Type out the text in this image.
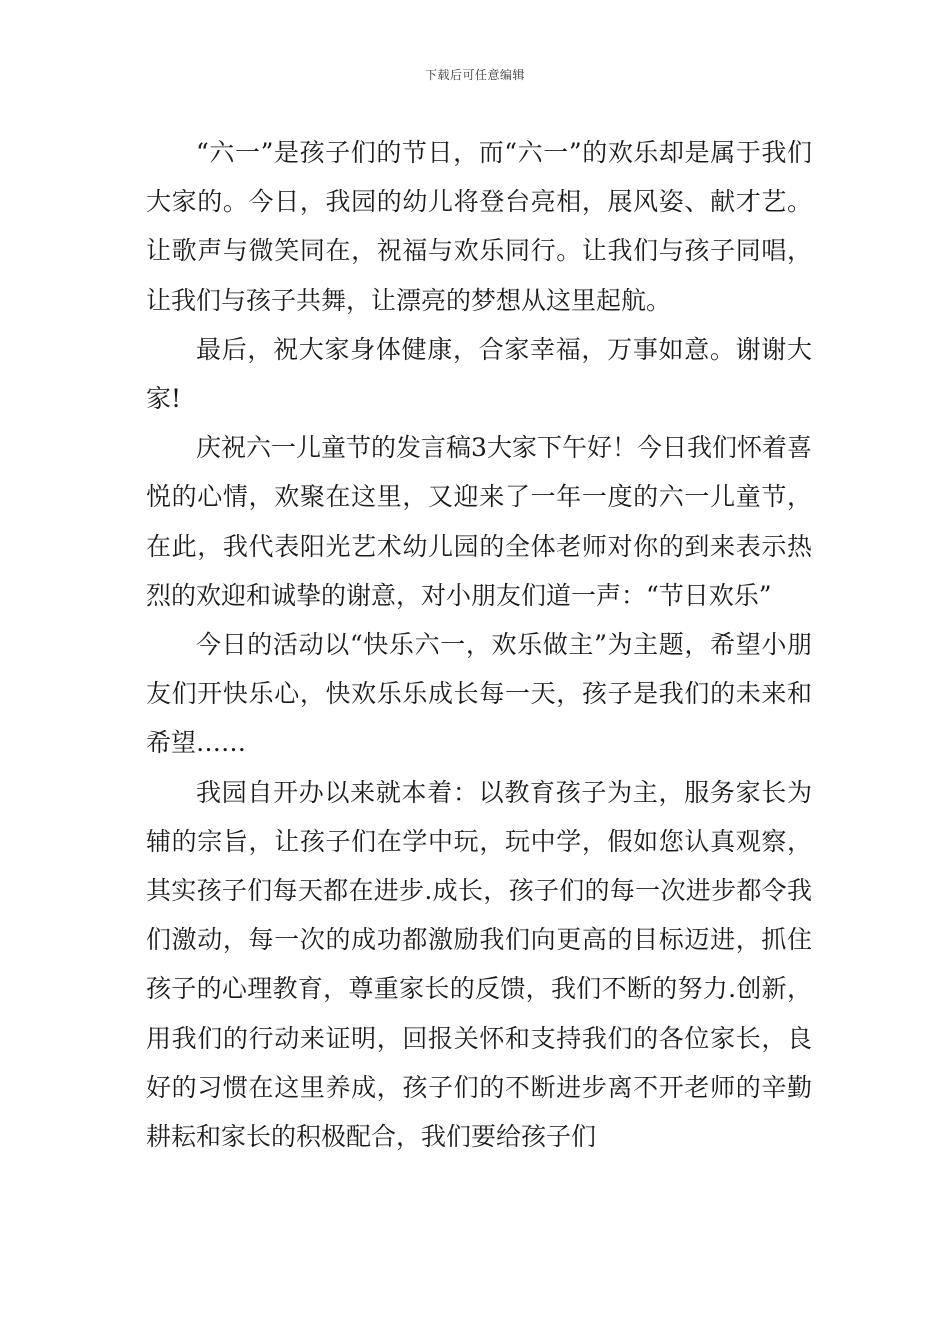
下载后可任意编辑

“六一”是孩子们的节日，而“六一”的欢乐却是属于我们大家的。今日，我园的幼儿将登台亮相，展风姿、献才艺。让歌声与微笑同在，祝福与欢乐同行。让我们与孩子同唱，让我们与孩子共舞，让漂亮的梦想从这里起航。

最后，祝大家身体健康，合家幸福，万事如意。谢谢大家!

庆祝六一儿童节的发言稿3大家下午好！今日我们怀着喜悦的心情，欢聚在这里，又迎来了一年一度的六一儿童节，在此，我代表阳光艺术幼儿园的全体老师对你的到来表示热烈的欢迎和诚挚的谢意，对小朋友们道一声：“节日欢乐”

今日的活动以“快乐六一，欢乐做主”为主题，希望小朋友们开快乐心，快欢乐乐成长每一天，孩子是我们的未来和希望……

我园自开办以来就本着：以教育孩子为主，服务家长为辅的宗旨，让孩子们在学中玩，玩中学，假如您认真观察，其实孩子们每天都在进步.成长，孩子们的每一次进步都令我们激动，每一次的成功都激励我们向更高的目标迈进，抓住孩子的心理教育，尊重家长的反馈，我们不断的努力.创新，用我们的行动来证明，回报关怀和支持我们的各位家长，良好的习惯在这里养成，孩子们的不断进步离不开老师的辛勤耕耘和家长的积极配合，我们要给孩子们
